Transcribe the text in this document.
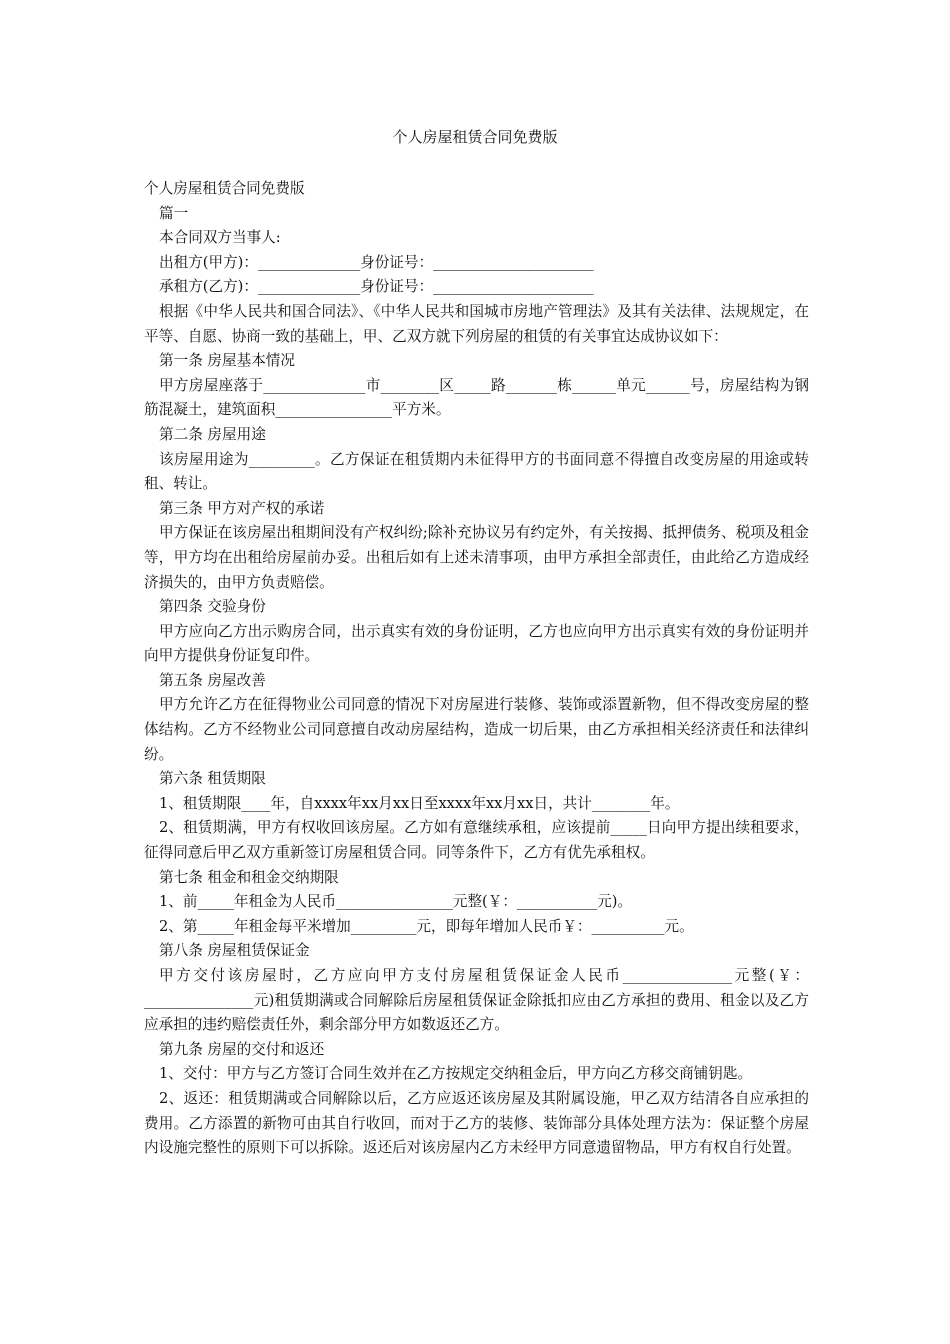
个人房屋租赁合同免费版

个人房屋租赁合同免费版

篇一

本合同双方当事人:

出租方(甲方)：______________身份证号：______________________

承租方(乙方)：______________身份证号：______________________

根据《中华人民共和国合同法》、《中华人民共和国城市房地产管理法》及其有关法律、法规规定，在平等、自愿、协商一致的基础上，甲、乙双方就下列房屋的租赁的有关事宜达成协议如下：

第一条 房屋基本情况

甲方房屋座落于______________市________区_____路_______栋______单元______号，房屋结构为钢筋混凝土，建筑面积________________平方米。

第二条 房屋用途

该房屋用途为_________。乙方保证在租赁期内未征得甲方的书面同意不得擅自改变房屋的用途或转租、转让。

第三条 甲方对产权的承诺

甲方保证在该房屋出租期间没有产权纠纷;除补充协议另有约定外，有关按揭、抵押债务、税项及租金等，甲方均在出租给房屋前办妥。出租后如有上述未清事项，由甲方承担全部责任，由此给乙方造成经济损失的，由甲方负责赔偿。

第四条 交验身份

甲方应向乙方出示购房合同，出示真实有效的身份证明，乙方也应向甲方出示真实有效的身份证明并向甲方提供身份证复印件。

第五条 房屋改善

甲方允许乙方在征得物业公司同意的情况下对房屋进行装修、装饰或添置新物，但不得改变房屋的整体结构。乙方不经物业公司同意擅自改动房屋结构，造成一切后果，由乙方承担相关经济责任和法律纠纷。

第六条 租赁期限

1、租赁期限____年，自xxxx年xx月xx日至xxxx年xx月xx日，共计________年。

2、租赁期满，甲方有权收回该房屋。乙方如有意继续承租，应该提前_____日向甲方提出续租要求，征得同意后甲乙双方重新签订房屋租赁合同。同等条件下，乙方有优先承租权。

第七条 租金和租金交纳期限

1、前_____年租金为人民币________________元整(￥：___________元)。

2、第_____年租金每平米增加_________元，即每年增加人民币￥：__________元。

第八条 房屋租赁保证金

甲方交付该房屋时，乙方应向甲方支付房屋租赁保证金人民币_______________元整(￥：_______________元)租赁期满或合同解除后房屋租赁保证金除抵扣应由乙方承担的费用、租金以及乙方应承担的违约赔偿责任外，剩余部分甲方如数返还乙方。

第九条 房屋的交付和返还

1、交付：甲方与乙方签订合同生效并在乙方按规定交纳租金后，甲方向乙方移交商铺钥匙。

2、返还：租赁期满或合同解除以后，乙方应返还该房屋及其附属设施，甲乙双方结清各自应承担的费用。乙方添置的新物可由其自行收回，而对于乙方的装修、装饰部分具体处理方法为：保证整个房屋内设施完整性的原则下可以拆除。返还后对该房屋内乙方未经甲方同意遗留物品，甲方有权自行处置。
